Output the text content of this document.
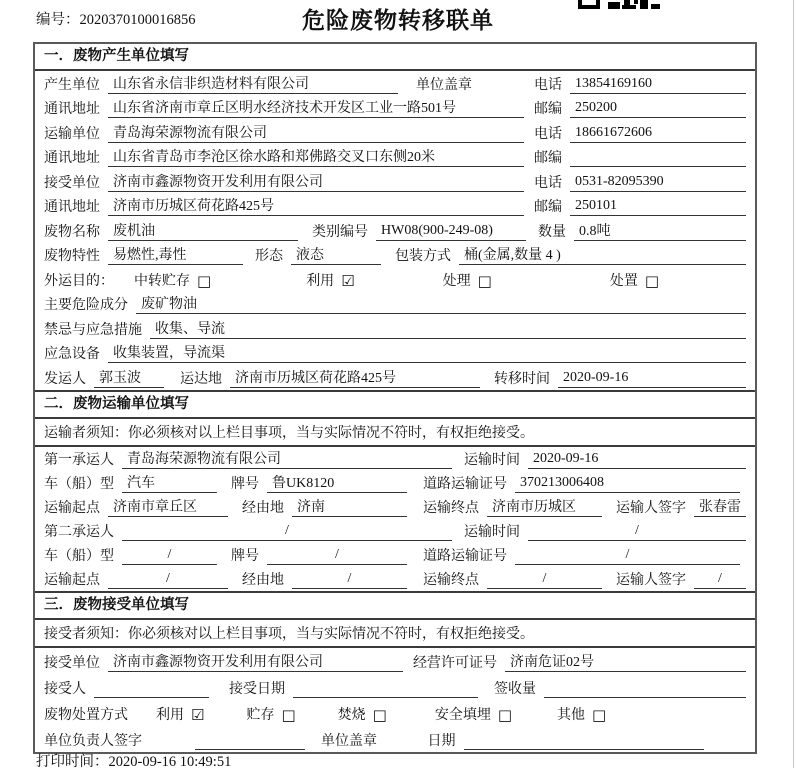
编号：2020370100016856	危险废物转移联单
一．废物产生单位填写
产生单位 山东省永信非织造材料有限公司	单位盖章	电话 13854169160
通讯地址 山东省济南市章丘区明水经济技术开发区工业一路501号	邮编 250200
运输单位 青岛海荣源物流有限公司	电话 18661672606
通讯地址 山东省青岛市李沧区徐水路和郑佛路交叉口东侧20米	邮编
接受单位 济南市鑫源物资开发利用有限公司	电话 0531-82095390
通讯地址 济南市历城区荷花路425号	邮编 250101
废物名称 废机油	类别编号 HW08(900-249-08)	数量 0.8吨
废物特性 易燃性,毒性	形态 液态	包装方式 桶(金属,数量 4 )
外运目的： 中转贮存 □	利用 ☑	处理 □	处置 □
主要危险成分 废矿物油
禁忌与应急措施 收集、导流
应急设备 收集装置，导流渠
发运人 郭玉波	运达地 济南市历城区荷花路425号	转移时间 2020-09-16
二．废物运输单位填写
运输者须知：你必须核对以上栏目事项，当与实际情况不符时，有权拒绝接受。
第一承运人 青岛海荣源物流有限公司	运输时间 2020-09-16
车（船）型 汽车	牌号 鲁UK8120	道路运输证号 370213006408
运输起点 济南市章丘区	经由地 济南	运输终点 济南市历城区	运输人签字 张春雷
第二承运人	/	运输时间	/
车（船）型	/	牌号	/	道路运输证号	/
运输起点	/	经由地	/	运输终点	/	运输人签字	/
三．废物接受单位填写
接受者须知：你必须核对以上栏目事项，当与实际情况不符时，有权拒绝接受。
接受单位 济南市鑫源物资开发利用有限公司	经营许可证号 济南危证02号
接受人	接受日期	签收量
废物处置方式 利用 ☑	贮存 □	焚烧 □	安全填埋 □	其他 □
单位负责人签字	单位盖章	日期
打印时间：2020-09-16 10:49:51
